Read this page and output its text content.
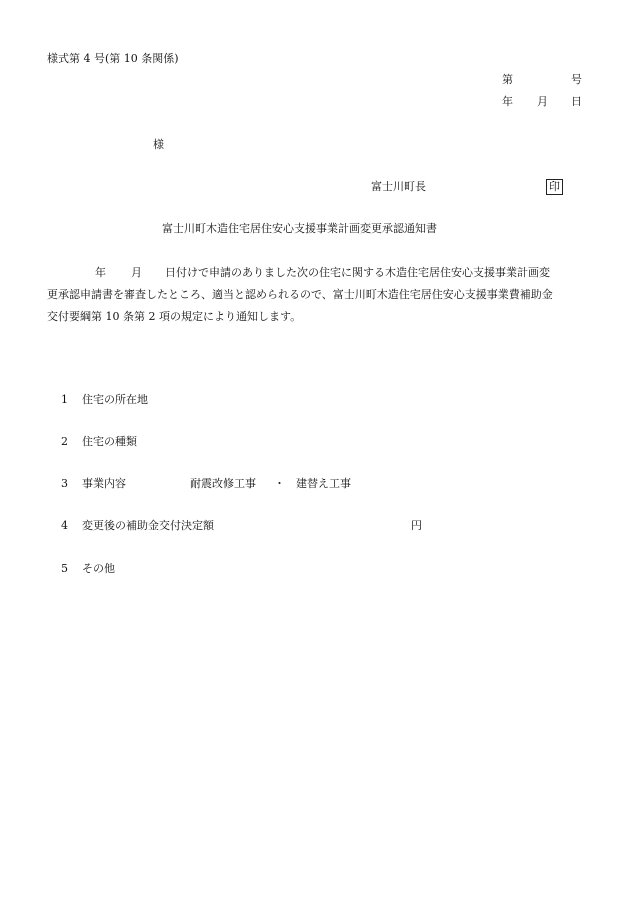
様式第 4 号(第 10 条関係)
第	号
年 月 日
様
富士川町長	印
富士川町木造住宅居住安心支援事業計画変更承認通知書
年 月 日付けで申請のありました次の住宅に関する木造住宅居住安心支援事業計画変
更承認申請書を審査したところ、適当と認められるので、富士川町木造住宅居住安心支援事業費補助金
交付要綱第 10 条第 2 項の規定により通知します。
1 住宅の所在地
2 住宅の種類
3 事業内容	耐震改修工事 ・ 建替え工事
4 変更後の補助金交付決定額	円
5 その他
